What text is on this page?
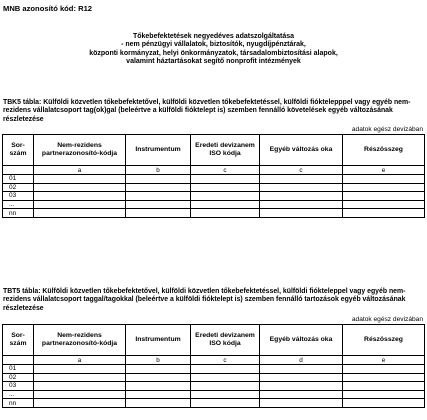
MNB azonosító kód: R12
Tőkebefektetések negyedéves adatszolgáltatása
- nem pénzügyi vállalatok, biztosítók, nyugdíjpénztárak,
központi kormányzat, helyi önkormányzatok, társadalombiztosítási alapok,
valamint háztartásokat segítő nonprofit intézmények
TBK5 tábla: Külföldi közvetlen tőkebefektetővel, külföldi közvetlen tőkebefektetéssel, külföldi fióktelepppel vagy egyéb nem-rezidens vállalatcsoport tag(ok)gal (beleértve a külföldi fióktelept is) szemben fennálló követelések egyéb változásának részletezése
adatok egész devizában
Sor-szám	Nem-rezidens partnerazonosító-kódja	Instrumentum	Eredeti devizanem ISO kódja	Egyéb változás oka	Részösszeg
	a	b	c	c	e
01					
02					
03					
...					
nn					
TBT5 tábla: Külföldi közvetlen tőkebefektetővel, külföldi közvetlen tőkebefektetéssel, külföldi fiókteleppel vagy egyéb nem-rezidens vállalatcsoport taggal/tagokkal (beleértve a külföldi fióktelept is) szemben fennálló tartozások egyéb változásának részletezése
adatok egész devizában
Sor-szám	Nem-rezidens partnerazonosító-kódja	Instrumentum	Eredeti devizanem ISO kódja	Egyéb változás oka	Részösszeg
	a	b	c	d	e
01					
02					
03					
...					
nn					
